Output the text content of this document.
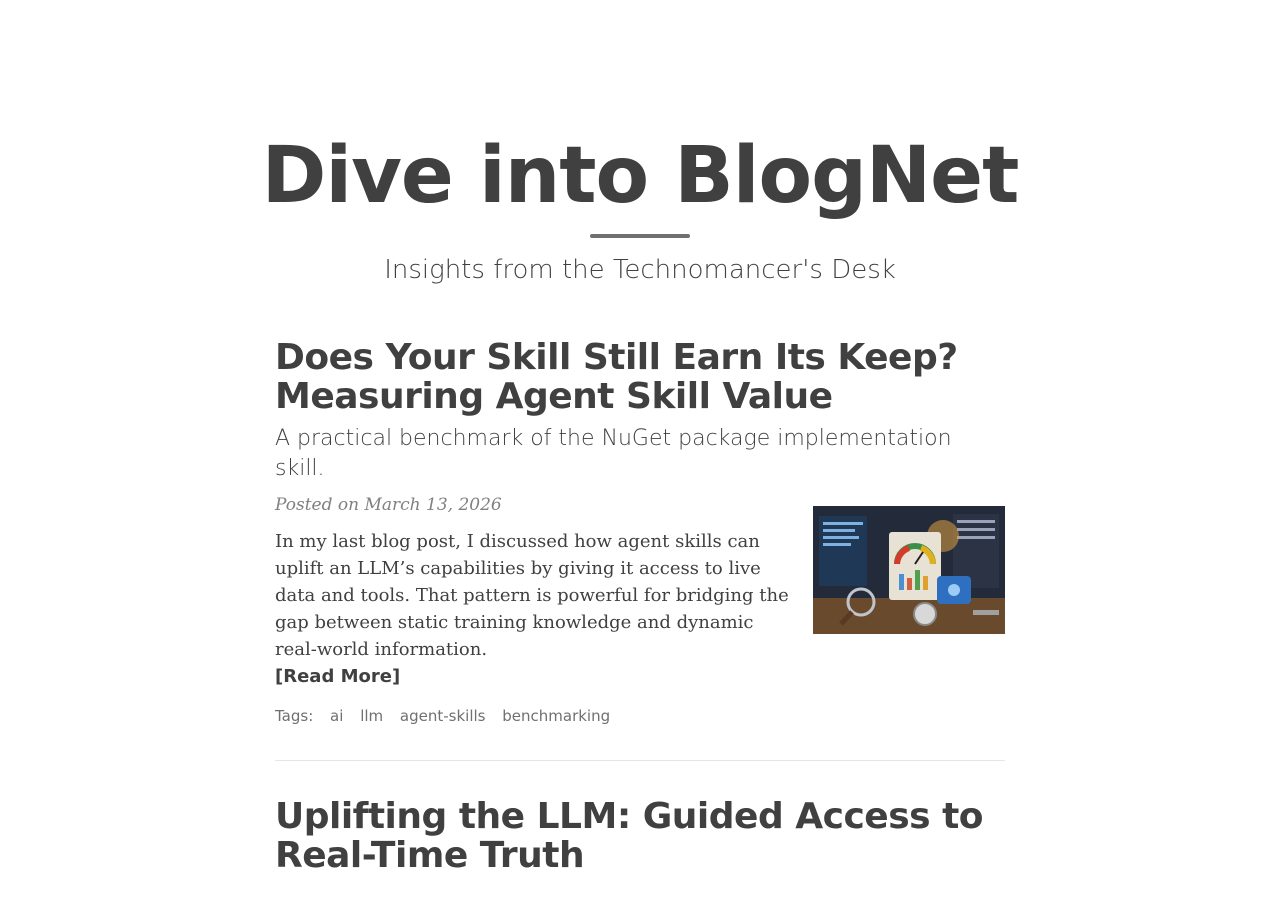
Dive into BlogNet

Insights from the Technomancer's Desk

Does Your Skill Still Earn Its Keep? Measuring Agent Skill Value

A practical benchmark of the NuGet package implementation skill.

Posted on March 13, 2026

In my last blog post, I discussed how agent skills can uplift an LLM’s capabilities by giving it access to live data and tools. That pattern is powerful for bridging the gap between static training knowledge and dynamic real-world information.

[Read More]
Tags: ai llm agent-skills benchmarking
Uplifting the LLM: Guided Access to Real-Time Truth
